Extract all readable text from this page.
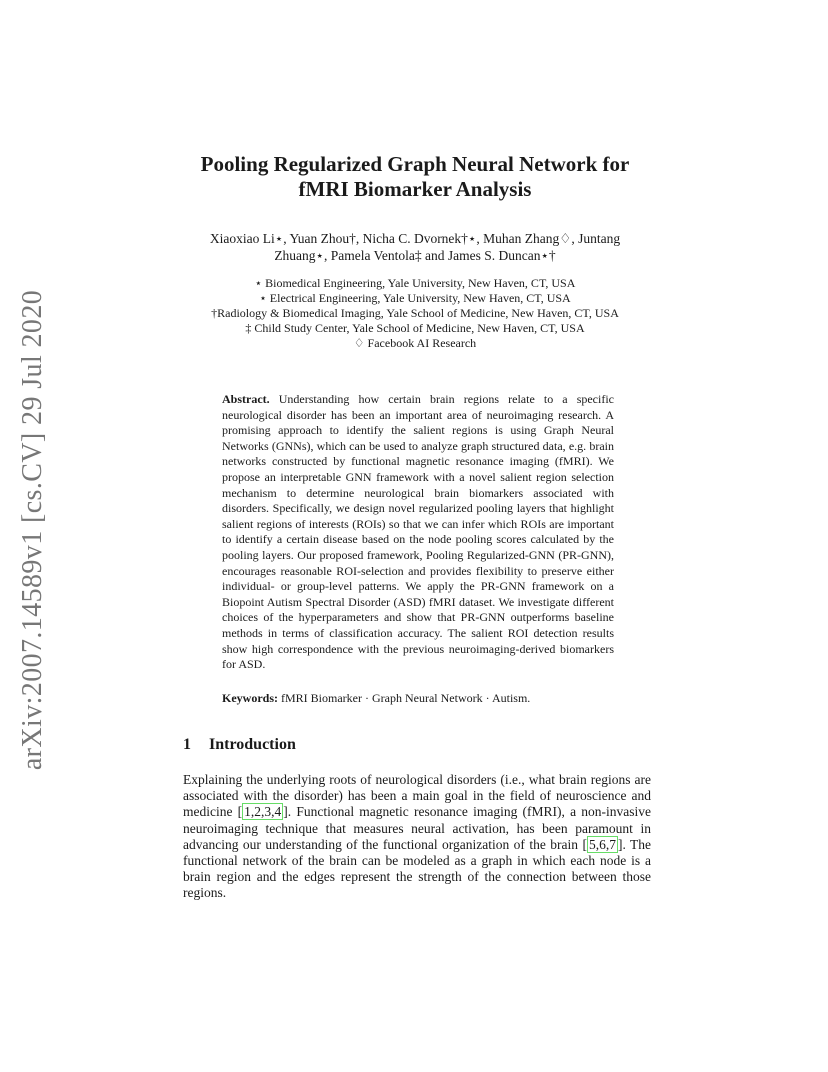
arXiv:2007.14589v1 [cs.CV] 29 Jul 2020
Pooling Regularized Graph Neural Network for
fMRI Biomarker Analysis
Xiaoxiao Li⋆, Yuan Zhou†, Nicha C. Dvornek†⋆, Muhan Zhang♢, Juntang
Zhuang⋆, Pamela Ventola‡ and James S. Duncan⋆†
⋆ Biomedical Engineering, Yale University, New Haven, CT, USA
⋆ Electrical Engineering, Yale University, New Haven, CT, USA
†Radiology & Biomedical Imaging, Yale School of Medicine, New Haven, CT, USA
‡ Child Study Center, Yale School of Medicine, New Haven, CT, USA
♢ Facebook AI Research
Abstract. Understanding how certain brain regions relate to a specific neurological disorder has been an important area of neuroimaging research. A promising approach to identify the salient regions is using Graph Neural Networks (GNNs), which can be used to analyze graph structured data, e.g. brain networks constructed by functional magnetic resonance imaging (fMRI). We propose an interpretable GNN framework with a novel salient region selection mechanism to determine neurological brain biomarkers associated with disorders. Specifically, we design novel regularized pooling layers that highlight salient regions of interests (ROIs) so that we can infer which ROIs are important to identify a certain disease based on the node pooling scores calculated by the pooling layers. Our proposed framework, Pooling Regularized-GNN (PR-GNN), encourages reasonable ROI-selection and provides flexibility to preserve either individual- or group-level patterns. We apply the PR-GNN framework on a Biopoint Autism Spectral Disorder (ASD) fMRI dataset. We investigate different choices of the hyperparameters and show that PR-GNN outperforms baseline methods in terms of classification accuracy. The salient ROI detection results show high correspondence with the previous neuroimaging-derived biomarkers for ASD.
Keywords: fMRI Biomarker · Graph Neural Network · Autism.
1 Introduction
Explaining the underlying roots of neurological disorders (i.e., what brain regions are associated with the disorder) has been a main goal in the field of neuroscience and medicine [ 1,2,3,4 ]. Functional magnetic resonance imaging (fMRI), a non-invasive neuroimaging technique that measures neural activation, has been paramount in advancing our understanding of the functional organization of the brain [ 5,6,7 ]. The functional network of the brain can be modeled as a graph in which each node is a brain region and the edges represent the strength of the connection between those regions.
